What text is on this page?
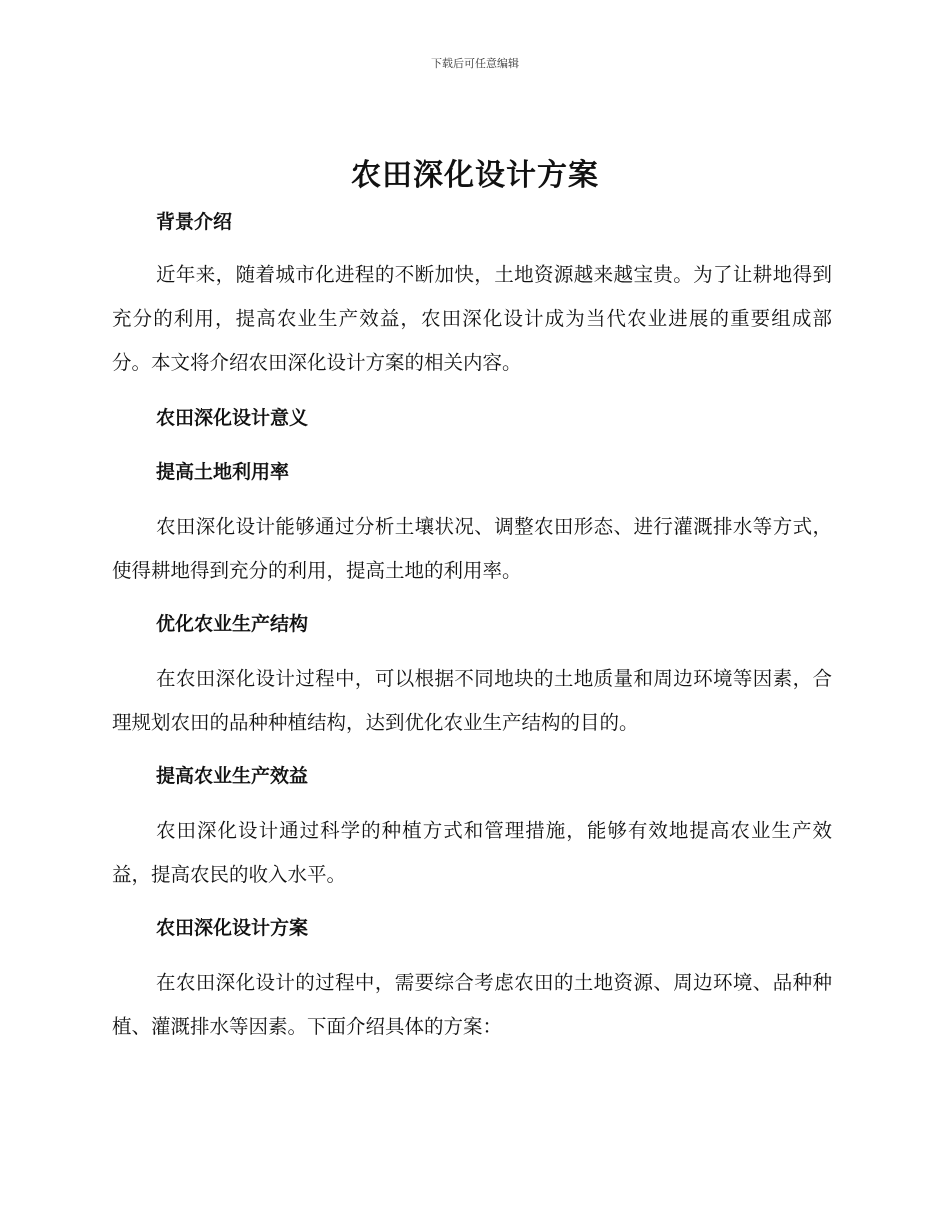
下载后可任意编辑
农田深化设计方案
背景介绍
近年来，随着城市化进程的不断加快，土地资源越来越宝贵。为了让耕地得到充分的利用，提高农业生产效益，农田深化设计成为当代农业进展的重要组成部分。本文将介绍农田深化设计方案的相关内容。
农田深化设计意义
提高土地利用率
农田深化设计能够通过分析土壤状况、调整农田形态、进行灌溉排水等方式，使得耕地得到充分的利用，提高土地的利用率。
优化农业生产结构
在农田深化设计过程中，可以根据不同地块的土地质量和周边环境等因素，合理规划农田的品种种植结构，达到优化农业生产结构的目的。
提高农业生产效益
农田深化设计通过科学的种植方式和管理措施，能够有效地提高农业生产效益，提高农民的收入水平。
农田深化设计方案
在农田深化设计的过程中，需要综合考虑农田的土地资源、周边环境、品种种植、灌溉排水等因素。下面介绍具体的方案：
